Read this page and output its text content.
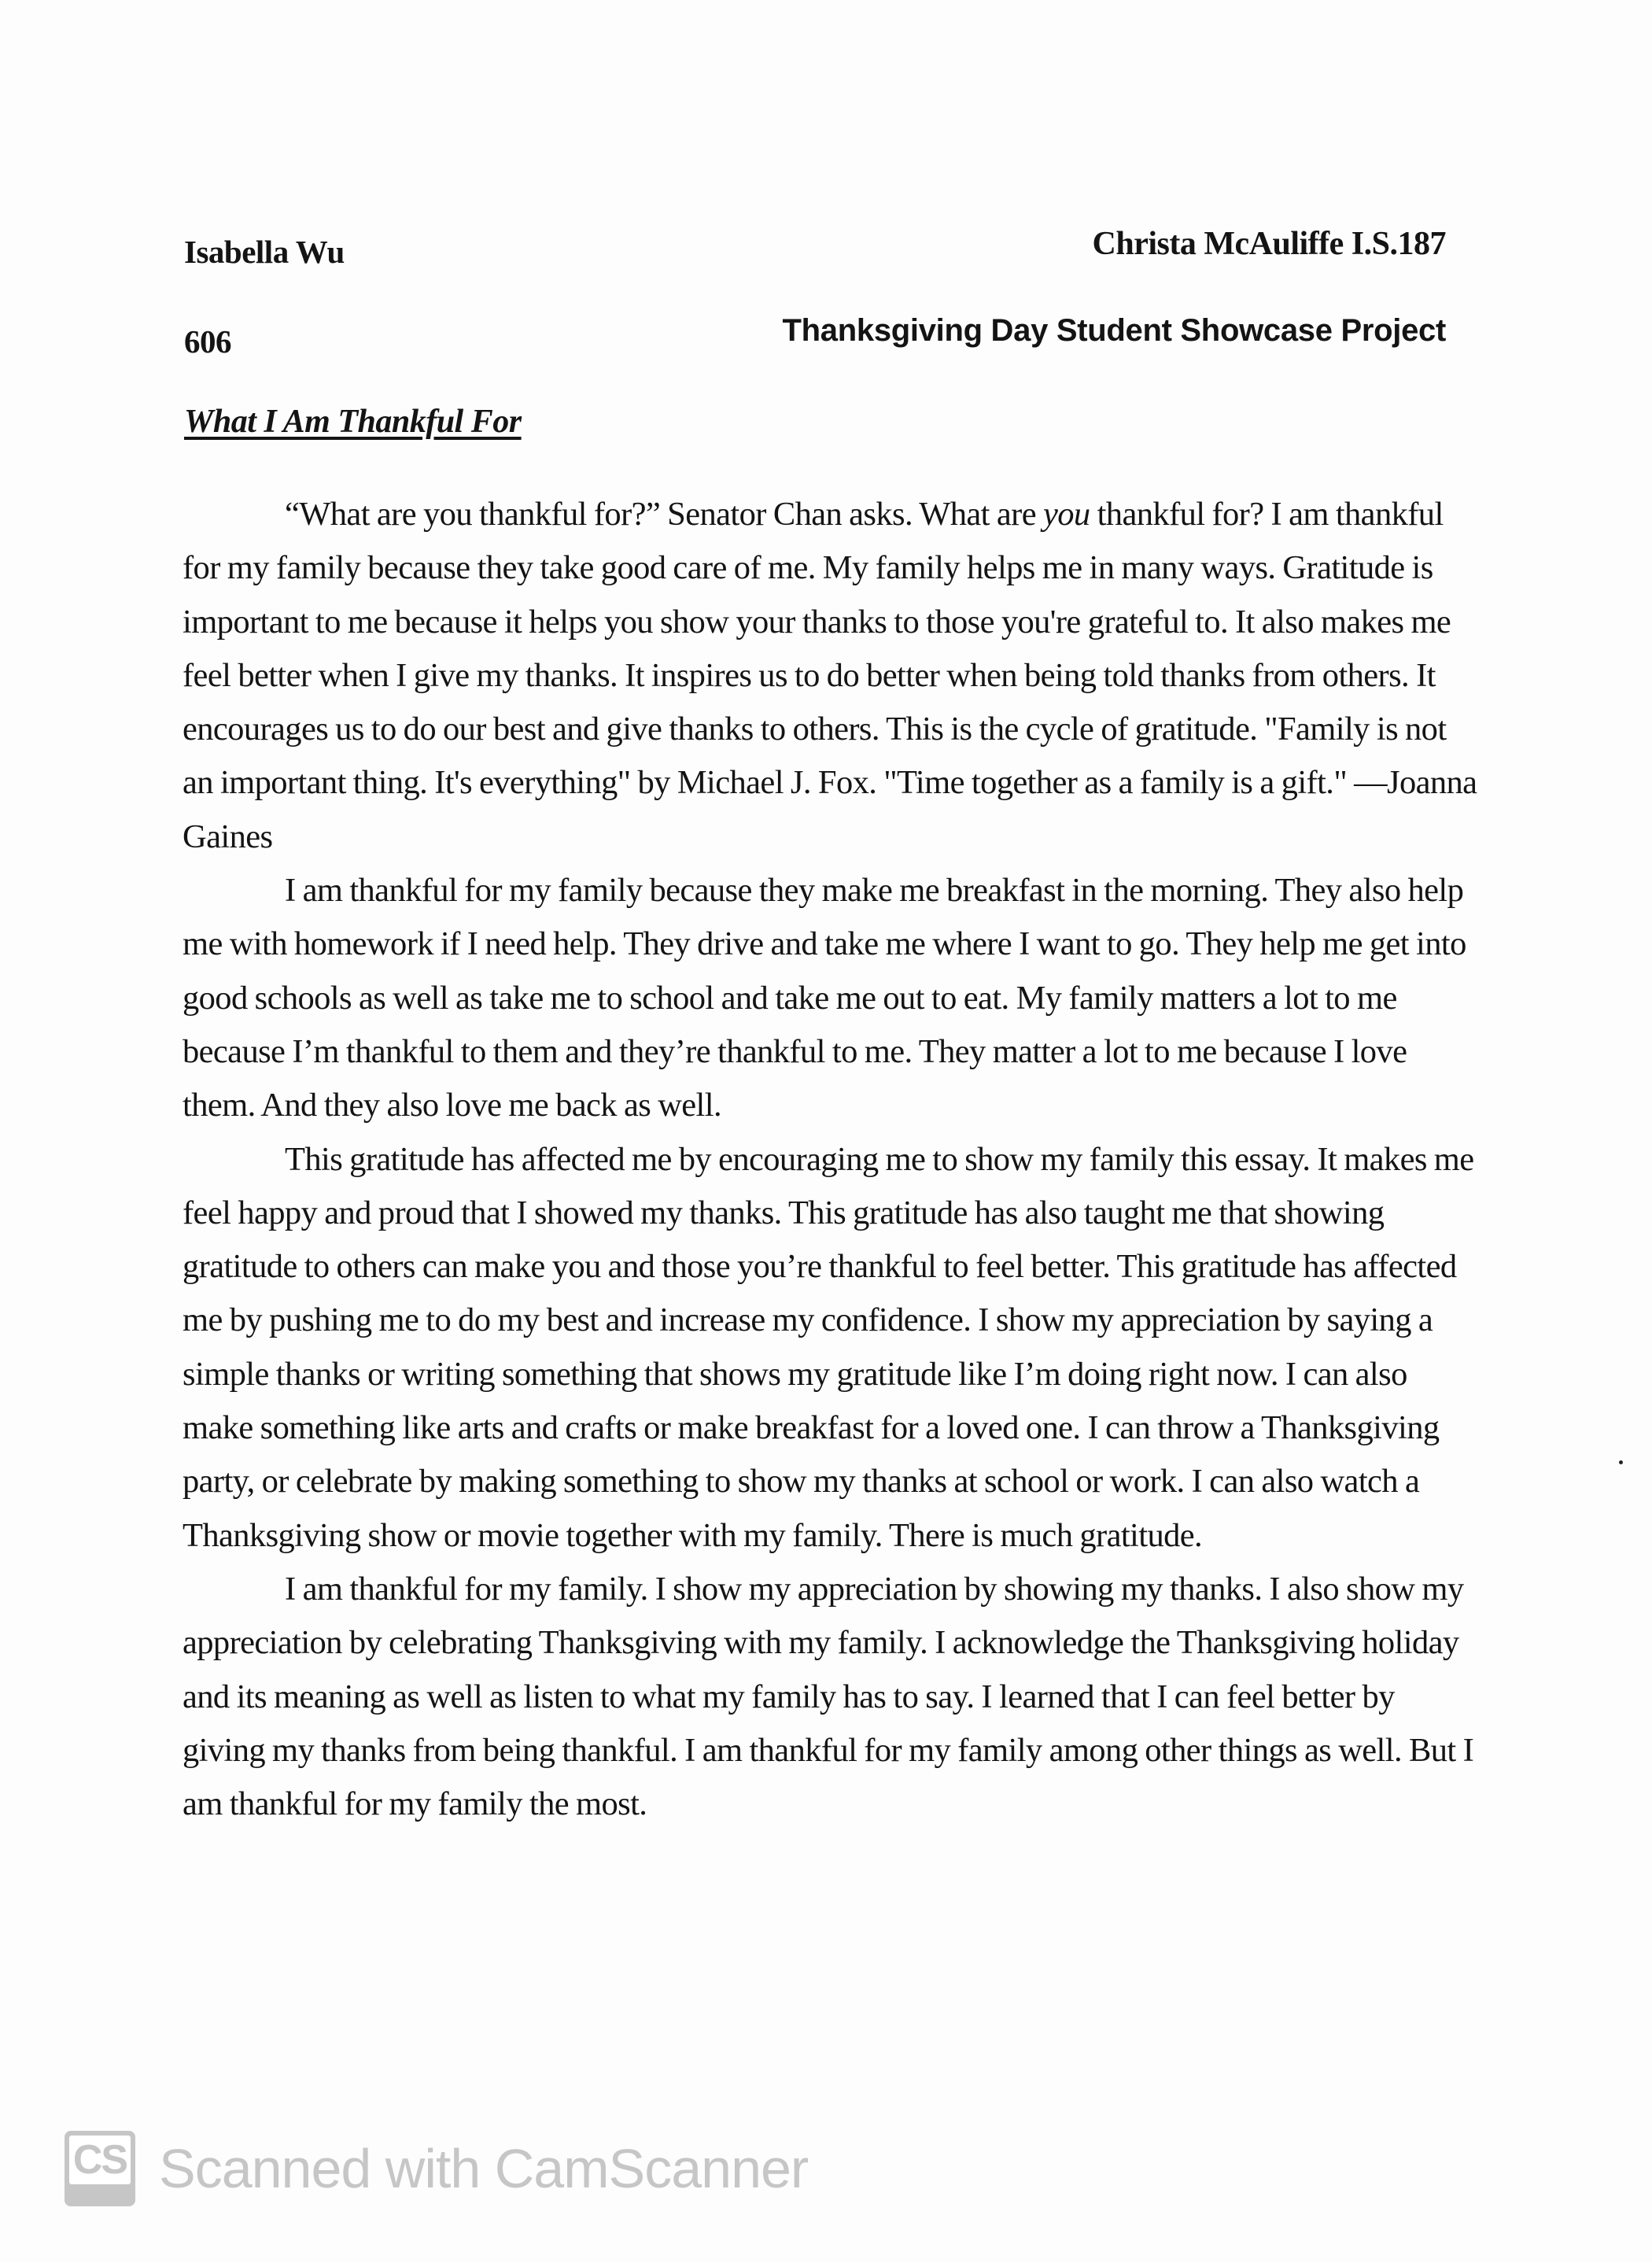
Isabella Wu
606
Christa McAuliffe I.S.187
Thanksgiving Day Student Showcase Project
What I Am Thankful For

“What are you thankful for?” Senator Chan asks. What are you thankful for? I am thankful for my family because they take good care of me. My family helps me in many ways. Gratitude is important to me because it helps you show your thanks to those you're grateful to. It also makes me feel better when I give my thanks. It inspires us to do better when being told thanks from others. It encourages us to do our best and give thanks to others. This is the cycle of gratitude. "Family is not an important thing. It's everything" by Michael J. Fox. "Time together as a family is a gift." —Joanna Gaines

I am thankful for my family because they make me breakfast in the morning. They also help me with homework if I need help. They drive and take me where I want to go. They help me get into good schools as well as take me to school and take me out to eat. My family matters a lot to me because I’m thankful to them and they’re thankful to me. They matter a lot to me because I love them. And they also love me back as well.

This gratitude has affected me by encouraging me to show my family this essay. It makes me feel happy and proud that I showed my thanks. This gratitude has also taught me that showing gratitude to others can make you and those you’re thankful to feel better. This gratitude has affected me by pushing me to do my best and increase my confidence. I show my appreciation by saying a simple thanks or writing something that shows my gratitude like I’m doing right now. I can also make something like arts and crafts or make breakfast for a loved one. I can throw a Thanksgiving party, or celebrate by making something to show my thanks at school or work. I can also watch a Thanksgiving show or movie together with my family. There is much gratitude.

I am thankful for my family. I show my appreciation by showing my thanks. I also show my appreciation by celebrating Thanksgiving with my family. I acknowledge the Thanksgiving holiday and its meaning as well as listen to what my family has to say. I learned that I can feel better by giving my thanks from being thankful. I am thankful for my family among other things as well. But I am thankful for my family the most.

CS Scanned with CamScanner
